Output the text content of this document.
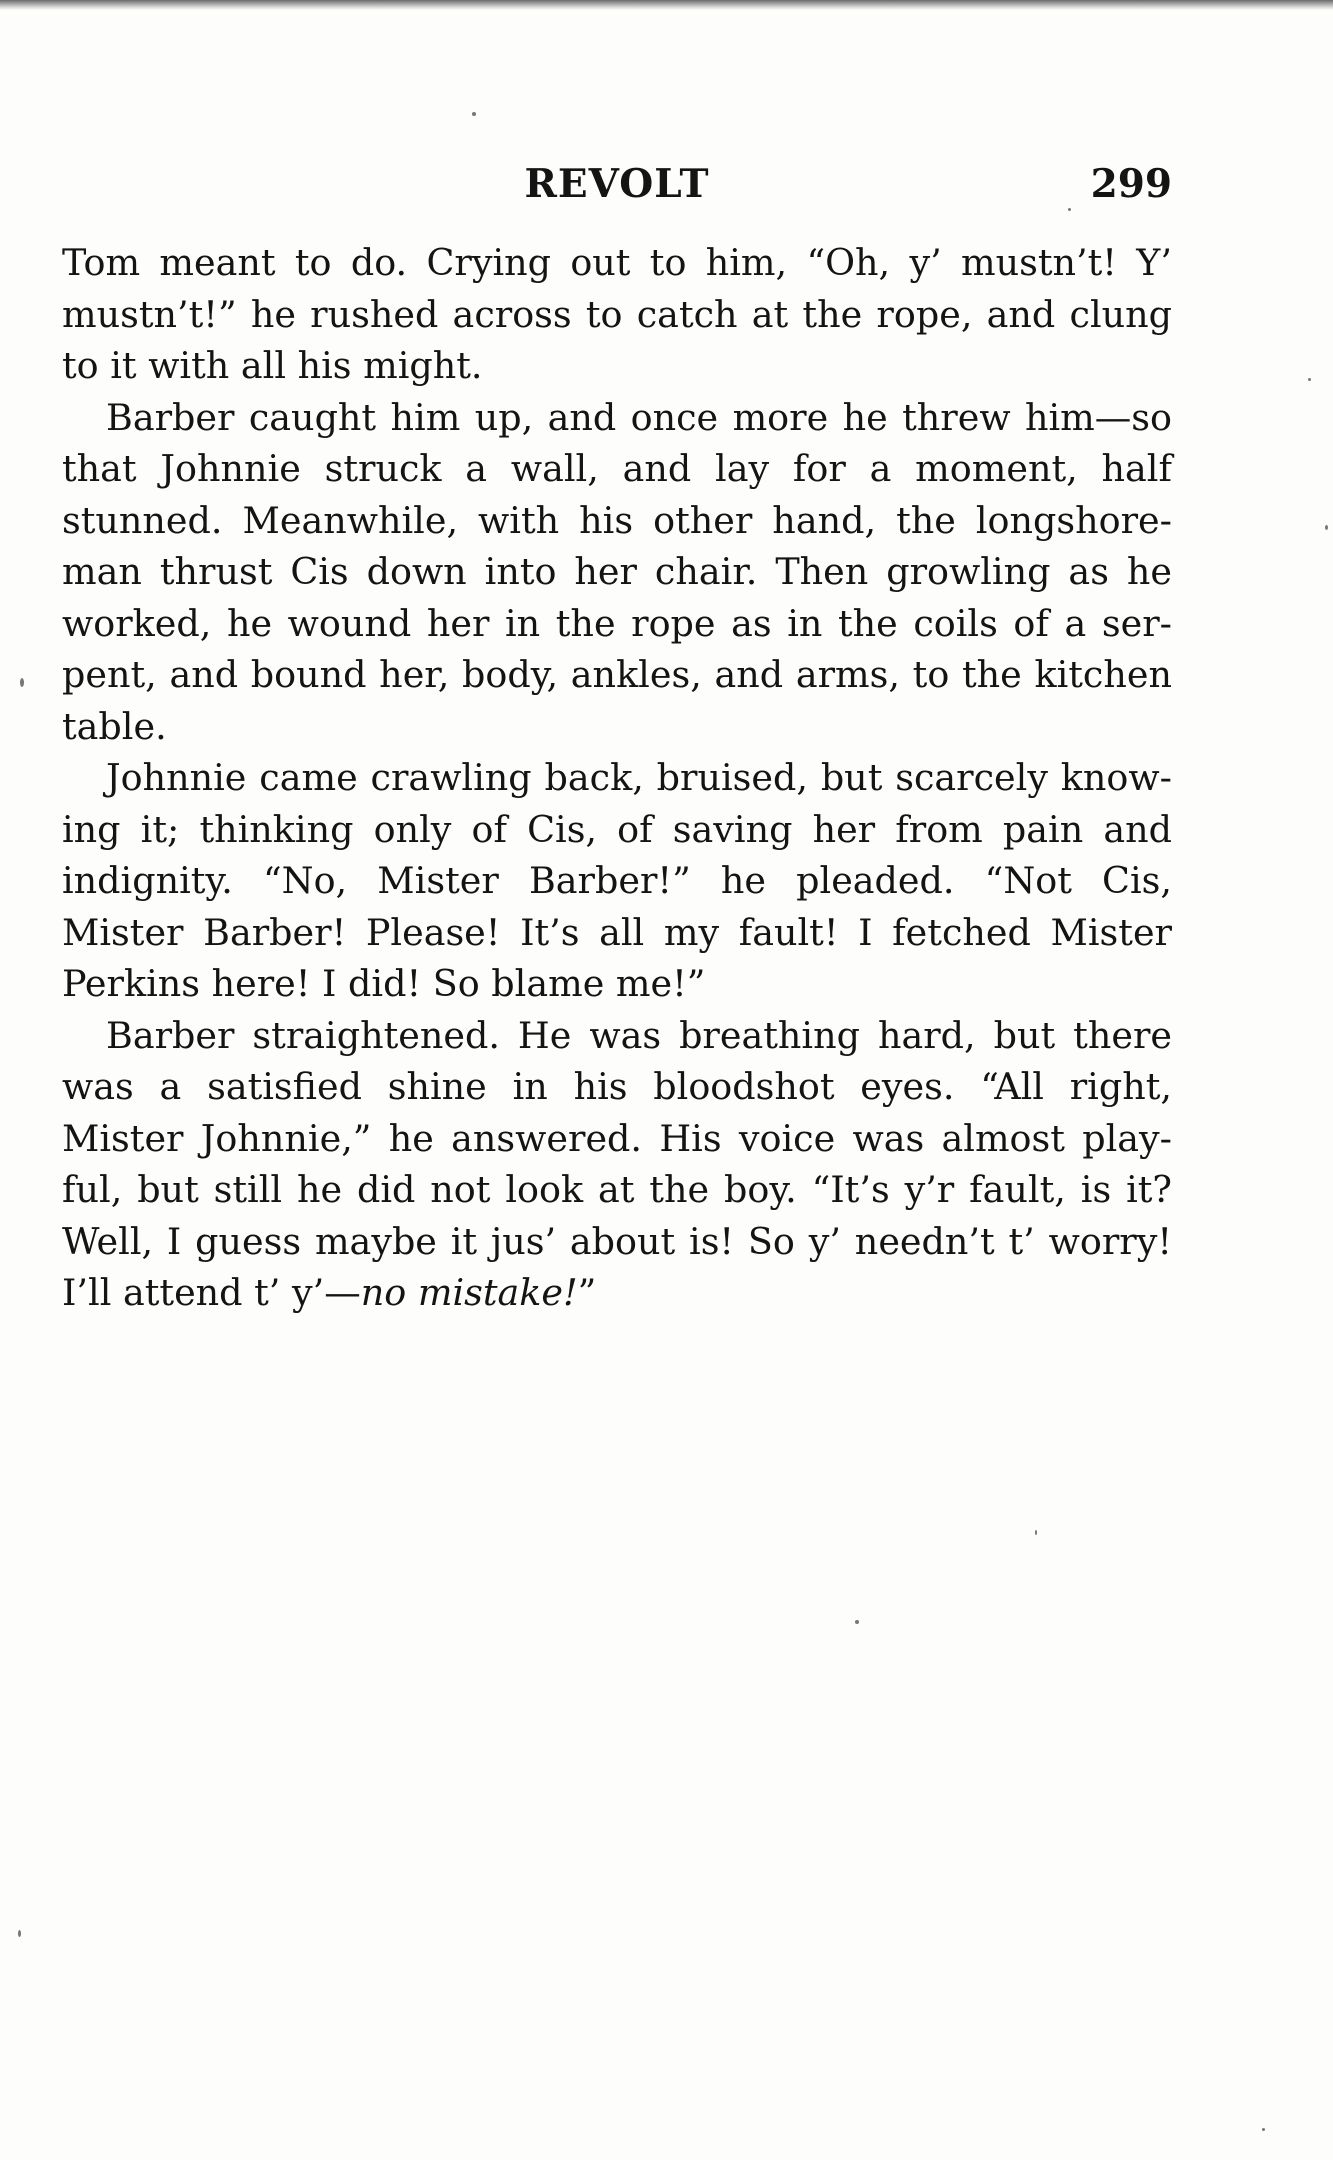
REVOLT	299

Tom meant to do. Crying out to him, “Oh, y’ mustn’t! Y’ mustn’t!” he rushed across to catch at the rope, and clung to it with all his might.

Barber caught him up, and once more he threw him—so that Johnnie struck a wall, and lay for a moment, half stunned. Meanwhile, with his other hand, the longshoreman thrust Cis down into her chair. Then growling as he worked, he wound her in the rope as in the coils of a serpent, and bound her, body, ankles, and arms, to the kitchen table.

Johnnie came crawling back, bruised, but scarcely knowing it; thinking only of Cis, of saving her from pain and indignity. “No, Mister Barber!” he pleaded. “Not Cis, Mister Barber! Please! It’s all my fault! I fetched Mister Perkins here! I did! So blame me!”

Barber straightened. He was breathing hard, but there was a satisfied shine in his bloodshot eyes. “All right, Mister Johnnie,” he answered. His voice was almost playful, but still he did not look at the boy. “It’s y’r fault, is it? Well, I guess maybe it jus’ about is! So y’ needn’t t’ worry! I’ll attend t’ y’—no mistake!”
